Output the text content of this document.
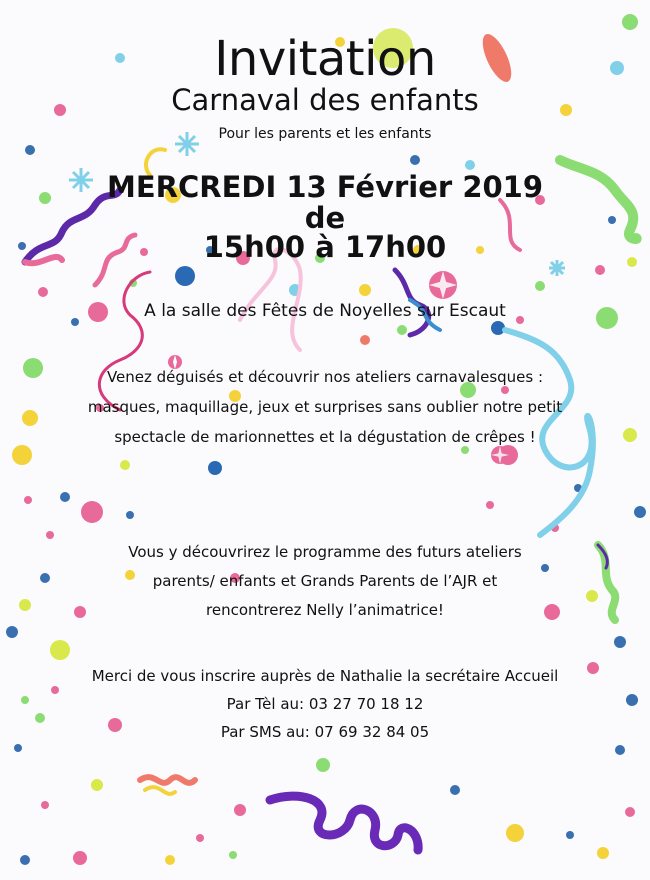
Invitation
Carnaval des enfants
Pour les parents et les enfants
MERCREDI 13 Février 2019
de
15h00 à 17h00
A la salle des Fêtes de Noyelles sur Escaut
Venez déguisés et découvrir nos ateliers carnavalesques :
masques, maquillage, jeux et surprises sans oublier notre petit
spectacle de marionnettes et la dégustation de crêpes !
Vous y découvrirez le programme des futurs ateliers
parents/ enfants et Grands Parents de l’AJR et
rencontrerez Nelly l’animatrice!
Merci de vous inscrire auprès de Nathalie la secrétaire Accueil
Par Tèl au: 03 27 70 18 12
Par SMS au: 07 69 32 84 05
